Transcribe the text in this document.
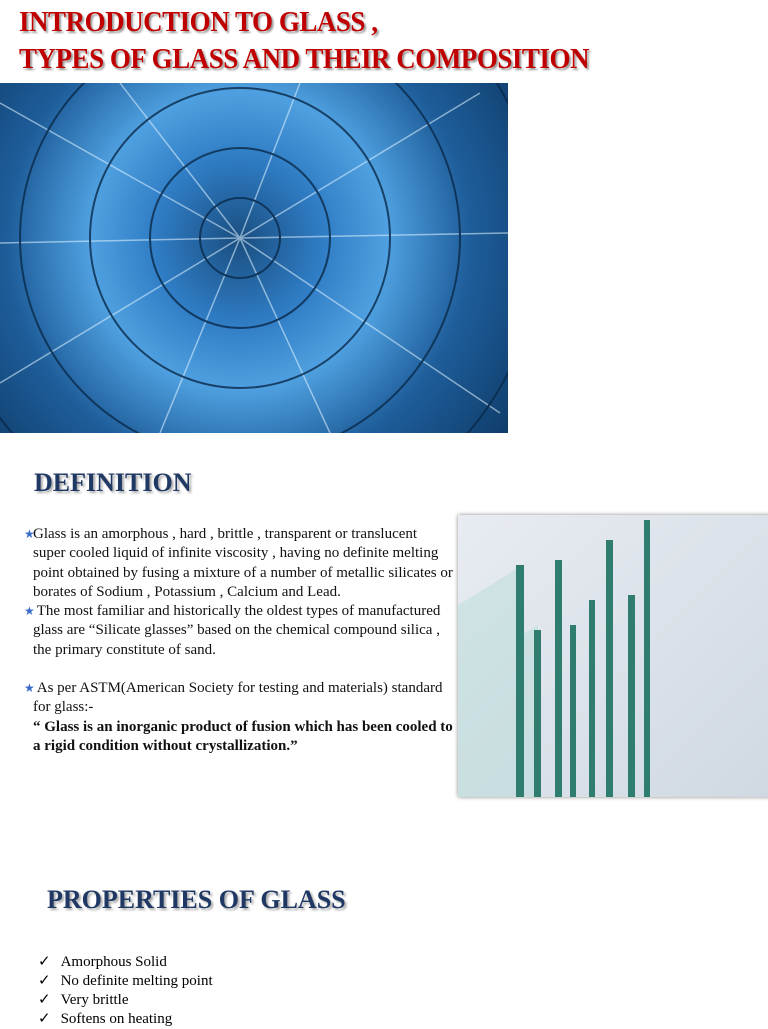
INTRODUCTION TO GLASS ,
TYPES OF GLASS AND THEIR COMPOSITION
DEFINITION

★
Glass is an amorphous , hard , brittle , transparent or translucent super cooled liquid of infinite viscosity , having no definite melting point obtained by fusing a mixture of a number of metallic silicates or borates of Sodium , Potassium , Calcium and Lead.

★ The most familiar and historically the oldest types of manufactured glass are “Silicate glasses” based on the chemical compound silica , the primary constitute of sand.

★ As per ASTM(American Society for testing and materials) standard for glass:-

“ Glass is an inorganic product of fusion which has been cooled to a rigid condition without crystallization.”

PROPERTIES OF GLASS
✓ Amorphous Solid
✓ No definite melting point
✓ Very brittle
✓ Softens on heating
